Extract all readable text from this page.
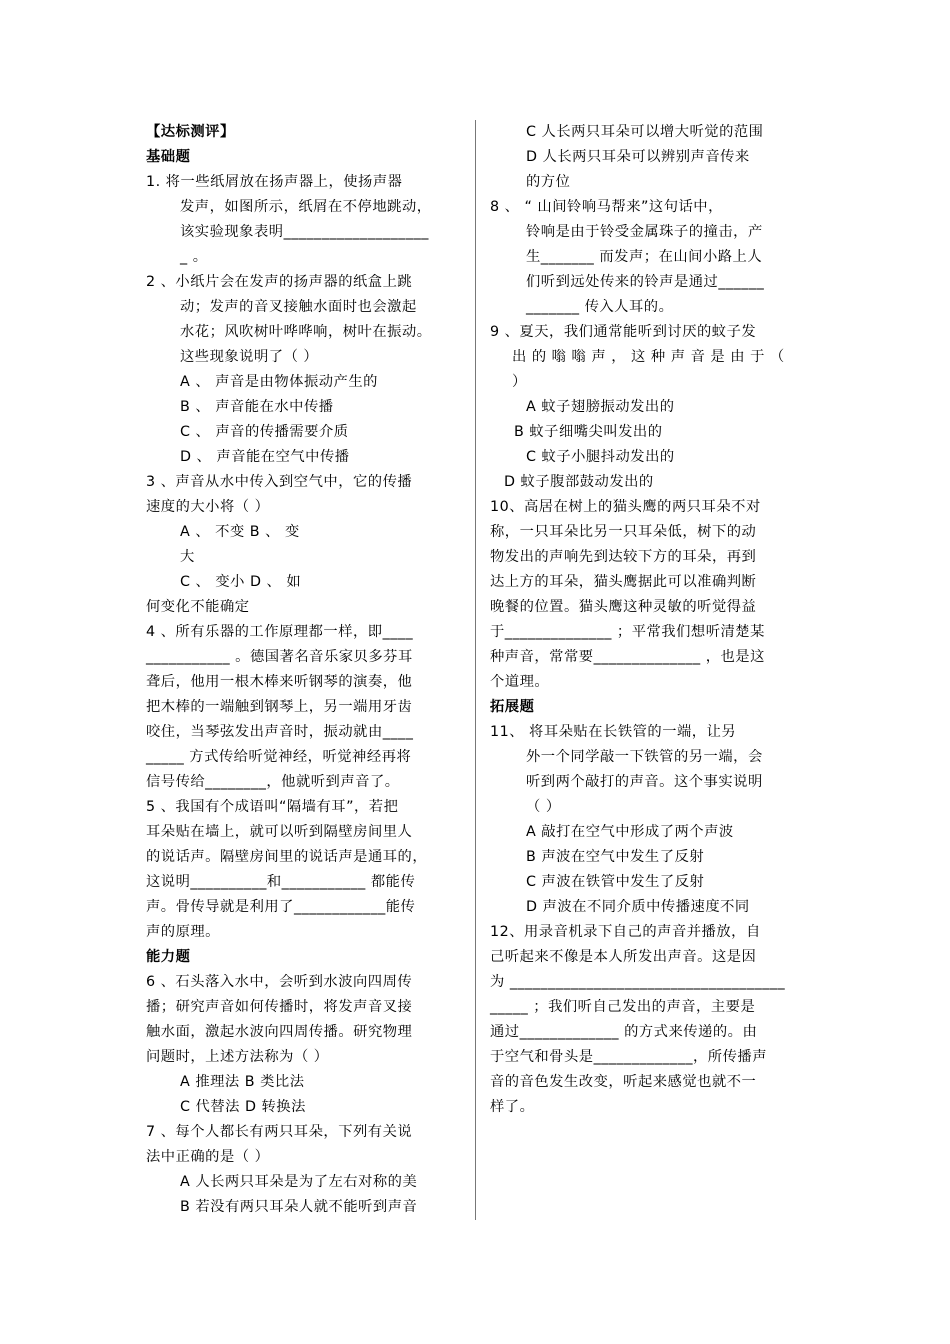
【达标测评】
基础题
1. 将一些纸屑放在扬声器上，使扬声器
发声，如图所示，纸屑在不停地跳动，
该实验现象表明___________________
_ 。
2 、小纸片会在发声的扬声器的纸盒上跳
动；发声的音叉接触水面时也会激起
水花；风吹树叶哗哗响，树叶在振动。
这些现象说明了（ ）
A 、 声音是由物体振动产生的
B 、 声音能在水中传播
C 、 声音的传播需要介质
D 、 声音能在空气中传播
3 、声音从水中传入到空气中，它的传播
速度的大小将（ ）
A 、 不变 B 、 变
大
C 、 变小 D 、 如
何变化不能确定
4 、所有乐器的工作原理都一样，即____
___________ 。德国著名音乐家贝多芬耳
聋后，他用一根木棒来听钢琴的演奏，他
把木棒的一端触到钢琴上，另一端用牙齿
咬住，当琴弦发出声音时，振动就由____
_____ 方式传给听觉神经，听觉神经再将
信号传给________，他就听到声音了。
5 、我国有个成语叫“隔墙有耳”，若把
耳朵贴在墙上，就可以听到隔壁房间里人
的说话声。隔壁房间里的说话声是通耳的，
这说明__________和___________ 都能传
声。骨传导就是利用了____________能传
声的原理。
能力题
6 、石头落入水中，会听到水波向四周传
播；研究声音如何传播时，将发声音叉接
触水面，激起水波向四周传播。研究物理
问题时，上述方法称为（ ）
A 推理法 B 类比法
C 代替法 D 转换法
7 、每个人都长有两只耳朵，下列有关说
法中正确的是（ ）
A 人长两只耳朵是为了左右对称的美
B 若没有两只耳朵人就不能听到声音
C 人长两只耳朵可以增大听觉的范围
D 人长两只耳朵可以辨别声音传来
的方位
8 、 “ 山间铃响马帮来”这句话中，
铃响是由于铃受金属珠子的撞击，产
生_______ 而发声；在山间小路上人
们听到远处传来的铃声是通过______
_______ 传入人耳的。
9 、夏天，我们通常能听到讨厌的蚊子发
出 的 嗡 嗡 声 ， 这 种 声 音 是 由 于 （
）
A 蚊子翅膀振动发出的
B 蚊子细嘴尖叫发出的
C 蚊子小腿抖动发出的
D 蚊子腹部鼓动发出的
10、高居在树上的猫头鹰的两只耳朵不对
称，一只耳朵比另一只耳朵低，树下的动
物发出的声响先到达较下方的耳朵，再到
达上方的耳朵，猫头鹰据此可以准确判断
晚餐的位置。猫头鹰这种灵敏的听觉得益
于______________ ；平常我们想听清楚某
种声音，常常要______________ ，也是这
个道理。
拓展题
11、 将耳朵贴在长铁管的一端，让另
外一个同学敲一下铁管的另一端，会
听到两个敲打的声音。这个事实说明
（ ）
A 敲打在空气中形成了两个声波
B 声波在空气中发生了反射
C 声波在铁管中发生了反射
D 声波在不同介质中传播速度不同
12、用录音机录下自己的声音并播放，自
己听起来不像是本人所发出声音。这是因
为 ____________________________________
_____ ；我们听自己发出的声音，主要是
通过_____________ 的方式来传递的。由
于空气和骨头是_____________，所传播声
音的音色发生改变，听起来感觉也就不一
样了。
